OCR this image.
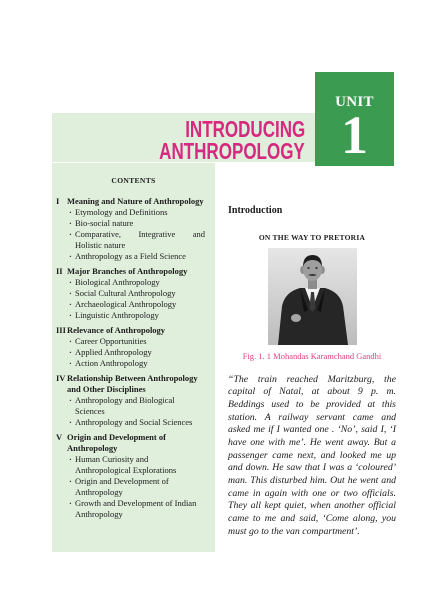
UNIT
1
INTRODUCING
ANTHROPOLOGY
CONTENTS
I Meaning and Nature of Anthropology
· Etymology and Definitions
· Bio-social nature
· Comparative, Integrative and
Holistic nature
· Anthropology as a Field Science
II Major Branches of Anthropology
· Biological Anthropology
· Social Cultural Anthropology
· Archaeological Anthropology
· Linguistic Anthropology
III Relevance of Anthropology
· Career Opportunities
· Applied Anthropology
· Action Anthropology
IV Relationship Between Anthropology
and Other Disciplines
· Anthropology and Biological
Sciences
· Anthropology and Social Sciences
V Origin and Development of
Anthropology
· Human Curiosity and
Anthropological Explorations
· Origin and Development of
Anthropology
· Growth and Development of Indian
Anthropology
Introduction
ON THE WAY TO PRETORIA
Fig. 1. 1 Mohandas Karamchand Gandhi
“The train reached Maritzburg, the
capital of Natal, at about 9 p. m.
Beddings used to be provided at this
station. A railway servant came and
asked me if I wanted one . ‘No’, said I, ‘I
have one with me’. He went away. But a
passenger came next, and looked me up
and down. He saw that I was a ‘coloured’
man. This disturbed him. Out he went and
came in again with one or two officials.
They all kept quiet, when another official
came to me and said, ‘Come along, you
must go to the van compartment’.
